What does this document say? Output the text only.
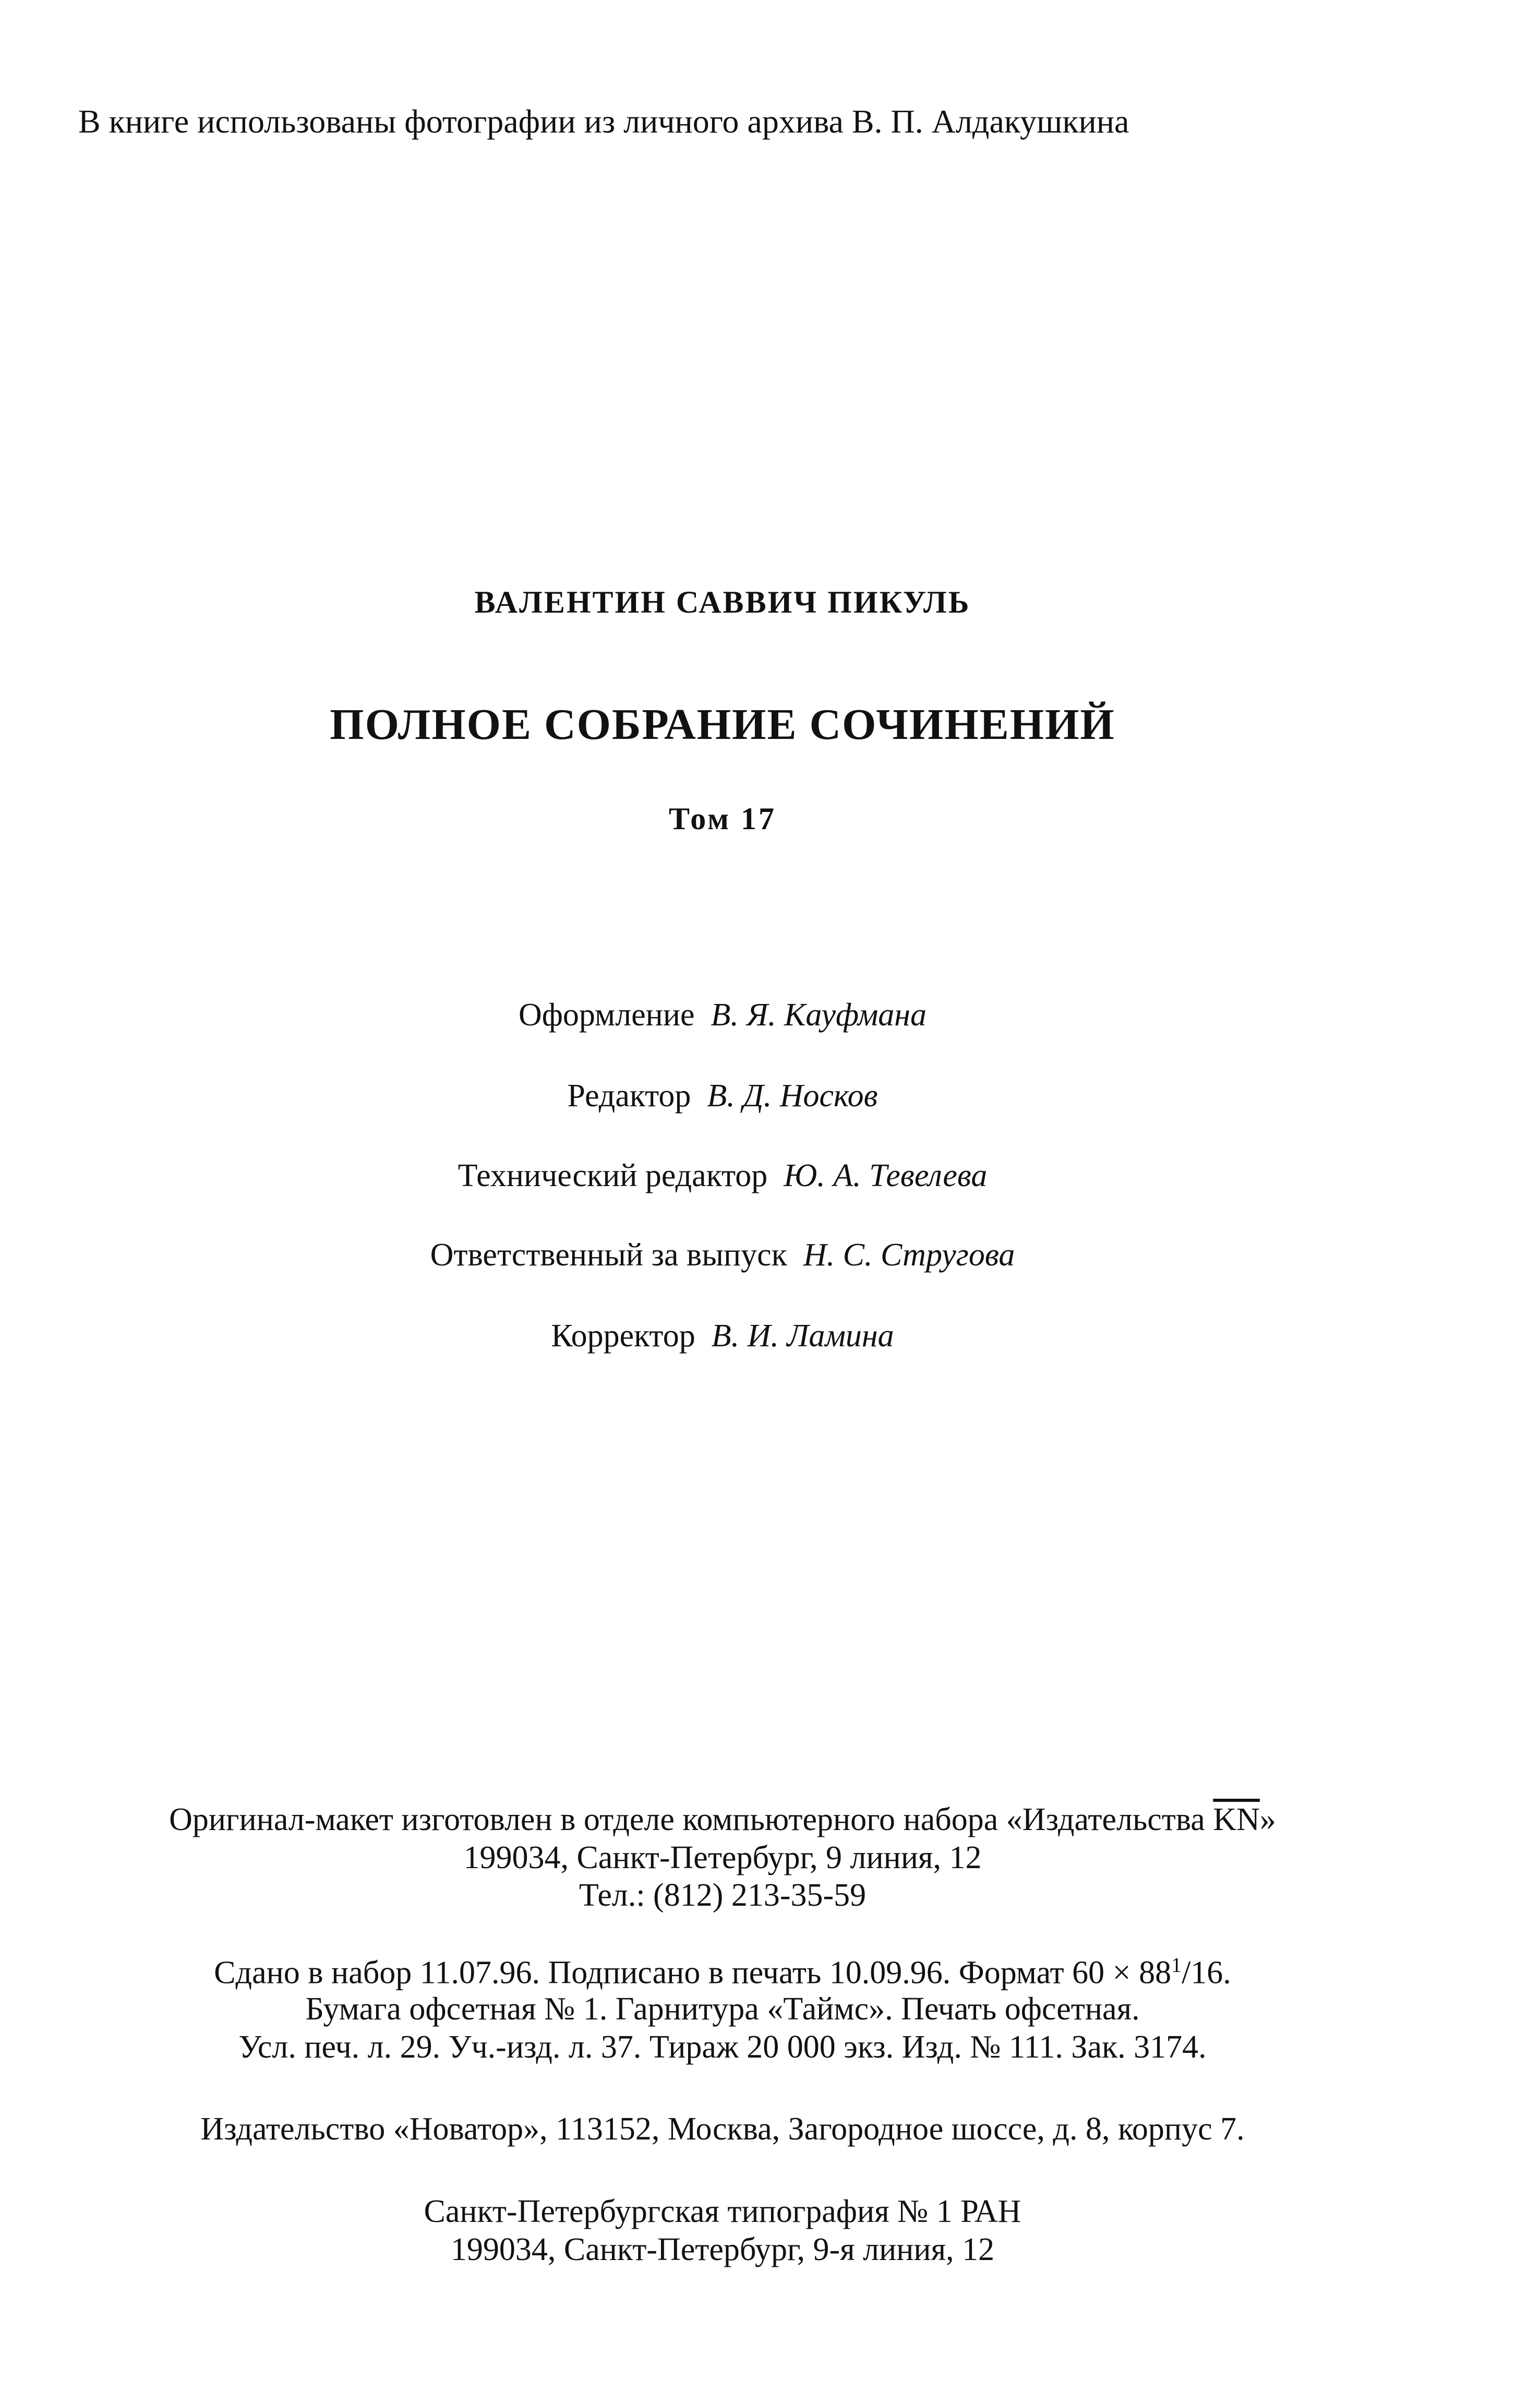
В книге использованы фотографии из личного архива В. П. Алдакушкина
ВАЛЕНТИН САВВИЧ ПИКУЛЬ
ПОЛНОЕ СОБРАНИЕ СОЧИНЕНИЙ
Том 17
Оформление В. Я. Кауфмана
Редактор В. Д. Носков
Технический редактор Ю. А. Тевелева
Ответственный за выпуск Н. С. Стругова
Корректор В. И. Ламина
Оригинал-макет изготовлен в отделе компьютерного набора «Издательства $\overline{KN}$»
199034, Санкт-Петербург, 9 линия, 12
Тел.: (812) 213-35-59
Сдано в набор 11.07.96. Подписано в печать 10.09.96. Формат $60 \times 88^1/16$.
Бумага офсетная № 1. Гарнитура «Таймс». Печать офсетная.
Усл. печ. л. 29. Уч.-изд. л. 37. Тираж 20 000 экз. Изд. № 111. Зак. 3174.
Издательство «Новатор», 113152, Москва, Загородное шоссе, д. 8, корпус 7.
Санкт-Петербургская типография № 1 РАН
199034, Санкт-Петербург, 9-я линия, 12
